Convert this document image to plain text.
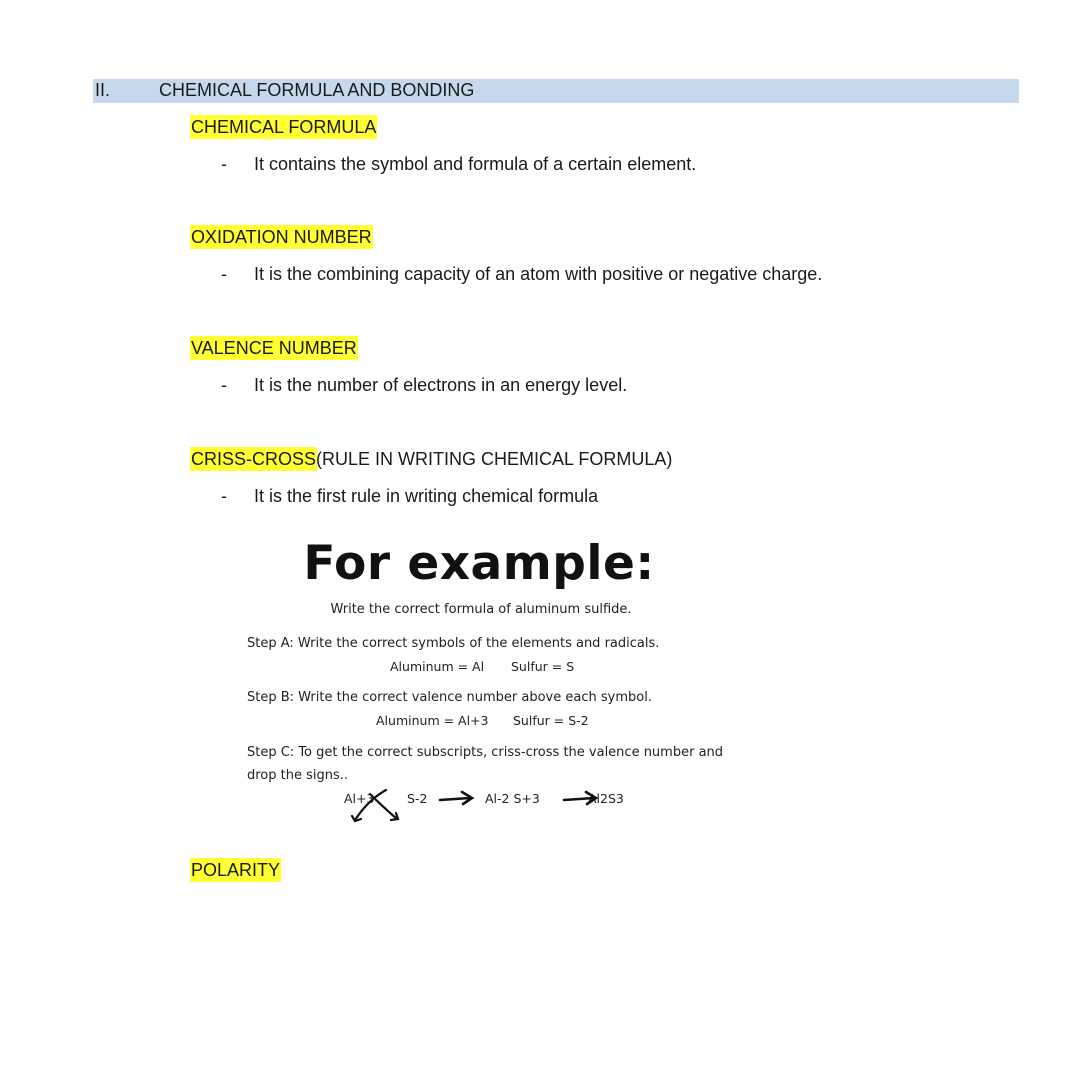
II.	CHEMICAL FORMULA AND BONDING
CHEMICAL FORMULA
- It contains the symbol and formula of a certain element.
OXIDATION NUMBER
- It is the combining capacity of an atom with positive or negative charge.
VALENCE NUMBER
- It is the number of electrons in an energy level.
CRISS-CROSS (RULE IN WRITING CHEMICAL FORMULA)
- It is the first rule in writing chemical formula
For example:
Write the correct formula of aluminum sulfide.
Step A: Write the correct symbols of the elements and radicals.
Aluminum = Al Sulfur = S
Step B: Write the correct valence number above each symbol.
Aluminum = Al+3 Sulfur = S-2
Step C: To get the correct subscripts, criss-cross the valence number and
drop the signs..
Al+3	S-2	Al-2 S+3	Al2S3
POLARITY
